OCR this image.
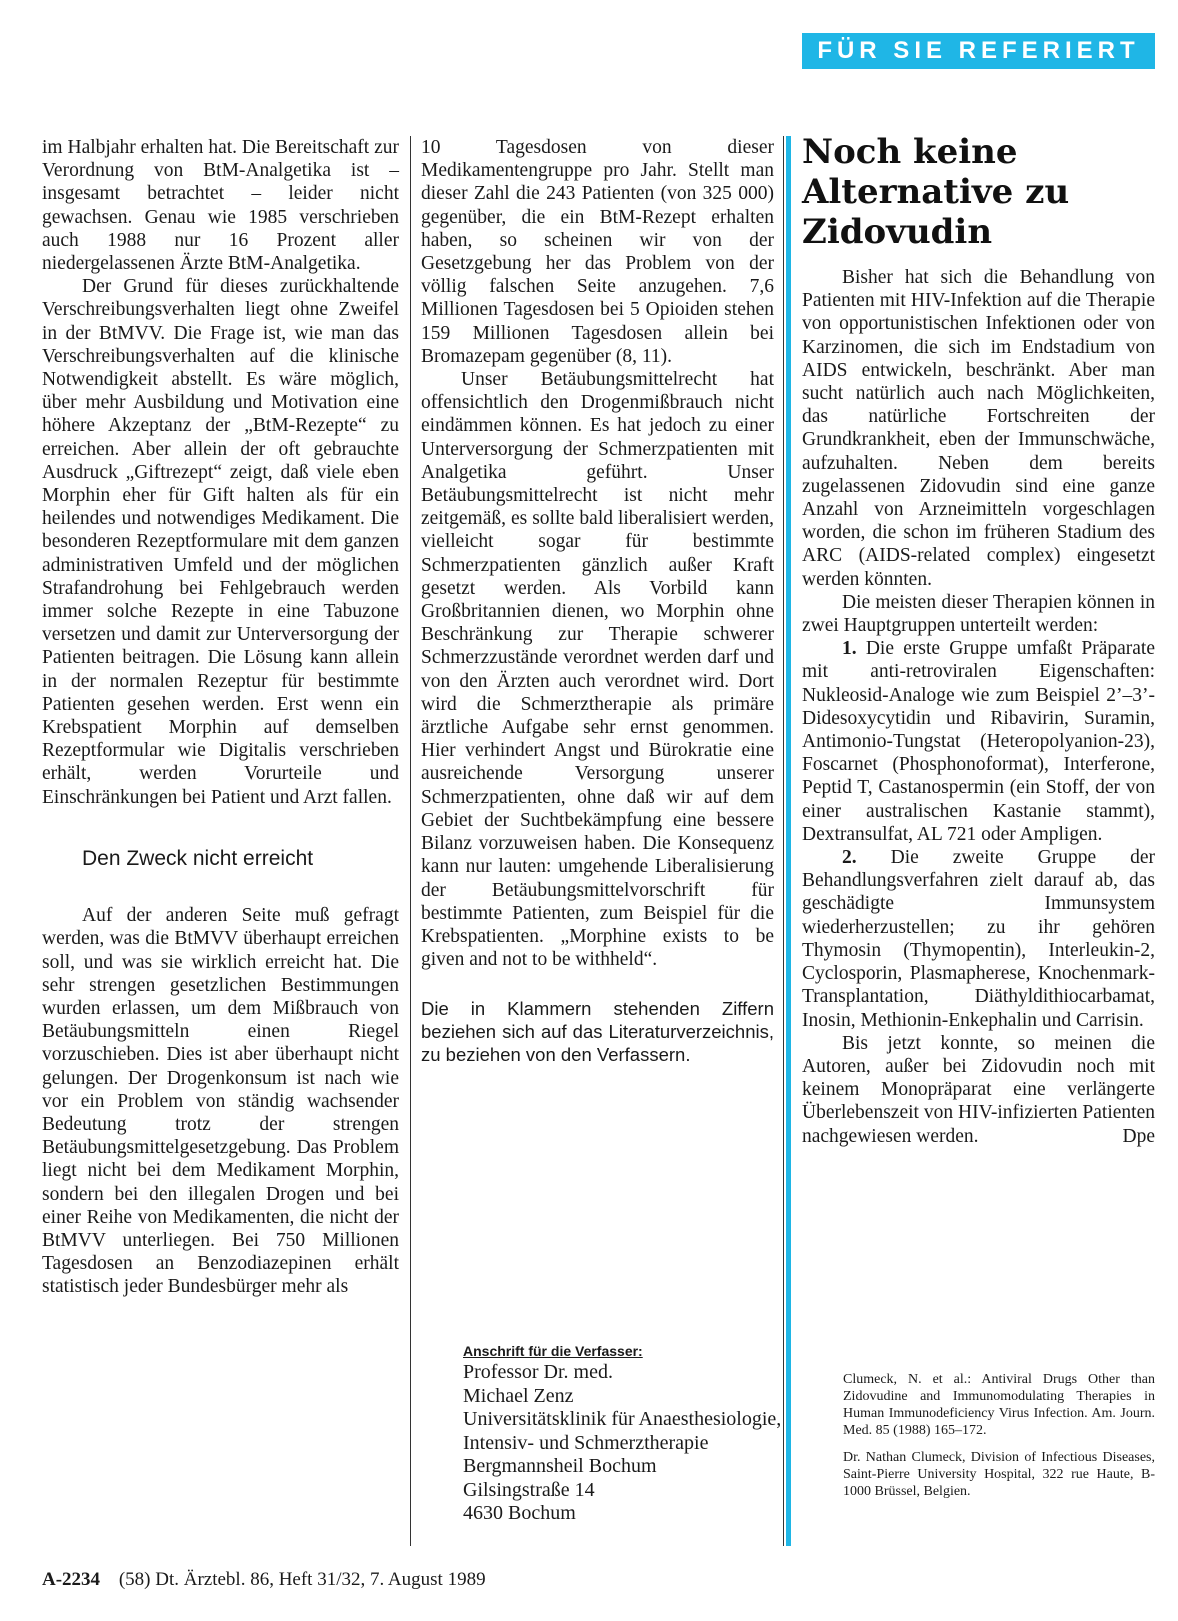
FÜR SIE REFERIERT

im Halbjahr erhalten hat. Die Bereitschaft zur Verordnung von BtM-Analgetika ist – insgesamt betrachtet – leider nicht gewachsen. Genau wie 1985 verschrieben auch 1988 nur 16 Prozent aller niedergelassenen Ärzte BtM-Analgetika.

Der Grund für dieses zurückhaltende Verschreibungsverhalten liegt ohne Zweifel in der BtMVV. Die Frage ist, wie man das Verschreibungsverhalten auf die klinische Notwendigkeit abstellt. Es wäre möglich, über mehr Ausbildung und Motivation eine höhere Akzeptanz der „BtM-Rezepte“ zu erreichen. Aber allein der oft gebrauchte Ausdruck „Giftrezept“ zeigt, daß viele eben Morphin eher für Gift halten als für ein heilendes und notwendiges Medikament. Die besonderen Rezeptformulare mit dem ganzen administrativen Umfeld und der möglichen Strafandrohung bei Fehlgebrauch werden immer solche Rezepte in eine Tabuzone versetzen und damit zur Unterversorgung der Patienten beitragen. Die Lösung kann allein in der normalen Rezeptur für bestimmte Patienten gesehen werden. Erst wenn ein Krebspatient Morphin auf demselben Rezeptformular wie Digitalis verschrieben erhält, werden Vorurteile und Einschränkungen bei Patient und Arzt fallen.

Den Zweck nicht erreicht

Auf der anderen Seite muß gefragt werden, was die BtMVV überhaupt erreichen soll, und was sie wirklich erreicht hat. Die sehr strengen gesetzlichen Bestimmungen wurden erlassen, um dem Mißbrauch von Betäubungsmitteln einen Riegel vorzuschieben. Dies ist aber überhaupt nicht gelungen. Der Drogenkonsum ist nach wie vor ein Problem von ständig wachsender Bedeutung trotz der strengen Betäubungsmittelgesetzgebung. Das Problem liegt nicht bei dem Medikament Morphin, sondern bei den illegalen Drogen und bei einer Reihe von Medikamenten, die nicht der BtMVV unterliegen. Bei 750 Millionen Tagesdosen an Benzodiazepinen erhält statistisch jeder Bundesbürger mehr als

10 Tagesdosen von dieser Medikamentengruppe pro Jahr. Stellt man dieser Zahl die 243 Patienten (von 325 000) gegenüber, die ein BtM-Rezept erhalten haben, so scheinen wir von der Gesetzgebung her das Problem von der völlig falschen Seite anzugehen. 7,6 Millionen Tagesdosen bei 5 Opioiden stehen 159 Millionen Tagesdosen allein bei Bromazepam gegenüber (8, 11).

Unser Betäubungsmittelrecht hat offensichtlich den Drogenmißbrauch nicht eindämmen können. Es hat jedoch zu einer Unterversorgung der Schmerzpatienten mit Analgetika geführt. Unser Betäubungsmittelrecht ist nicht mehr zeitgemäß, es sollte bald liberalisiert werden, vielleicht sogar für bestimmte Schmerzpatienten gänzlich außer Kraft gesetzt werden. Als Vorbild kann Großbritannien dienen, wo Morphin ohne Beschränkung zur Therapie schwerer Schmerzzustände verordnet werden darf und von den Ärzten auch verordnet wird. Dort wird die Schmerztherapie als primäre ärztliche Aufgabe sehr ernst genommen. Hier verhindert Angst und Bürokratie eine ausreichende Versorgung unserer Schmerzpatienten, ohne daß wir auf dem Gebiet der Suchtbekämpfung eine bessere Bilanz vorzuweisen haben. Die Konsequenz kann nur lauten: umgehende Liberalisierung der Betäubungsmittelvorschrift für bestimmte Patienten, zum Beispiel für die Krebspatienten. „Morphine exists to be given and not to be withheld“.

Die in Klammern stehenden Ziffern beziehen sich auf das Literaturverzeichnis, zu beziehen von den Verfassern.

Anschrift für die Verfasser:
Professor Dr. med.
Michael Zenz
Universitätsklinik für Anaesthesiologie, Intensiv- und Schmerztherapie
Bergmannsheil Bochum
Gilsingstraße 14
4630 Bochum
Noch keine Alternative zu Zidovudin

Bisher hat sich die Behandlung von Patienten mit HIV-Infektion auf die Therapie von opportunistischen Infektionen oder von Karzinomen, die sich im Endstadium von AIDS entwickeln, beschränkt. Aber man sucht natürlich auch nach Möglichkeiten, das natürliche Fortschreiten der Grundkrankheit, eben der Immunschwäche, aufzuhalten. Neben dem bereits zugelassenen Zidovudin sind eine ganze Anzahl von Arzneimitteln vorgeschlagen worden, die schon im früheren Stadium des ARC (AIDS-related complex) eingesetzt werden könnten.

Die meisten dieser Therapien können in zwei Hauptgruppen unterteilt werden:

1. Die erste Gruppe umfaßt Präparate mit anti-retroviralen Eigenschaften: Nukleosid-Analoge wie zum Beispiel 2’–3’-Didesoxycytidin und Ribavirin, Suramin, Antimonio-Tungstat (Heteropolyanion-23), Foscarnet (Phosphonoformat), Interferone, Peptid T, Castanospermin (ein Stoff, der von einer australischen Kastanie stammt), Dextransulfat, AL 721 oder Ampligen.

2. Die zweite Gruppe der Behandlungsverfahren zielt darauf ab, das geschädigte Immunsystem wiederherzustellen; zu ihr gehören Thymosin (Thymopentin), Interleukin-2, Cyclosporin, Plasmapherese, Knochenmark-Transplantation, Diäthyldithiocarbamat, Inosin, Methionin-Enkephalin und Carrisin.

Bis jetzt konnte, so meinen die Autoren, außer bei Zidovudin noch mit keinem Monopräparat eine verlängerte Überlebenszeit von HIV-infizierten Patienten nachgewiesen werden.	Dpe

Clumeck, N. et al.: Antiviral Drugs Other than Zidovudine and Immunomodulating Therapies in Human Immunodeficiency Virus Infection. Am. Journ. Med. 85 (1988) 165–172.

Dr. Nathan Clumeck, Division of Infectious Diseases, Saint-Pierre University Hospital, 322 rue Haute, B-1000 Brüssel, Belgien.

A-2234 (58) Dt. Ärztebl. 86, Heft 31/32, 7. August 1989
